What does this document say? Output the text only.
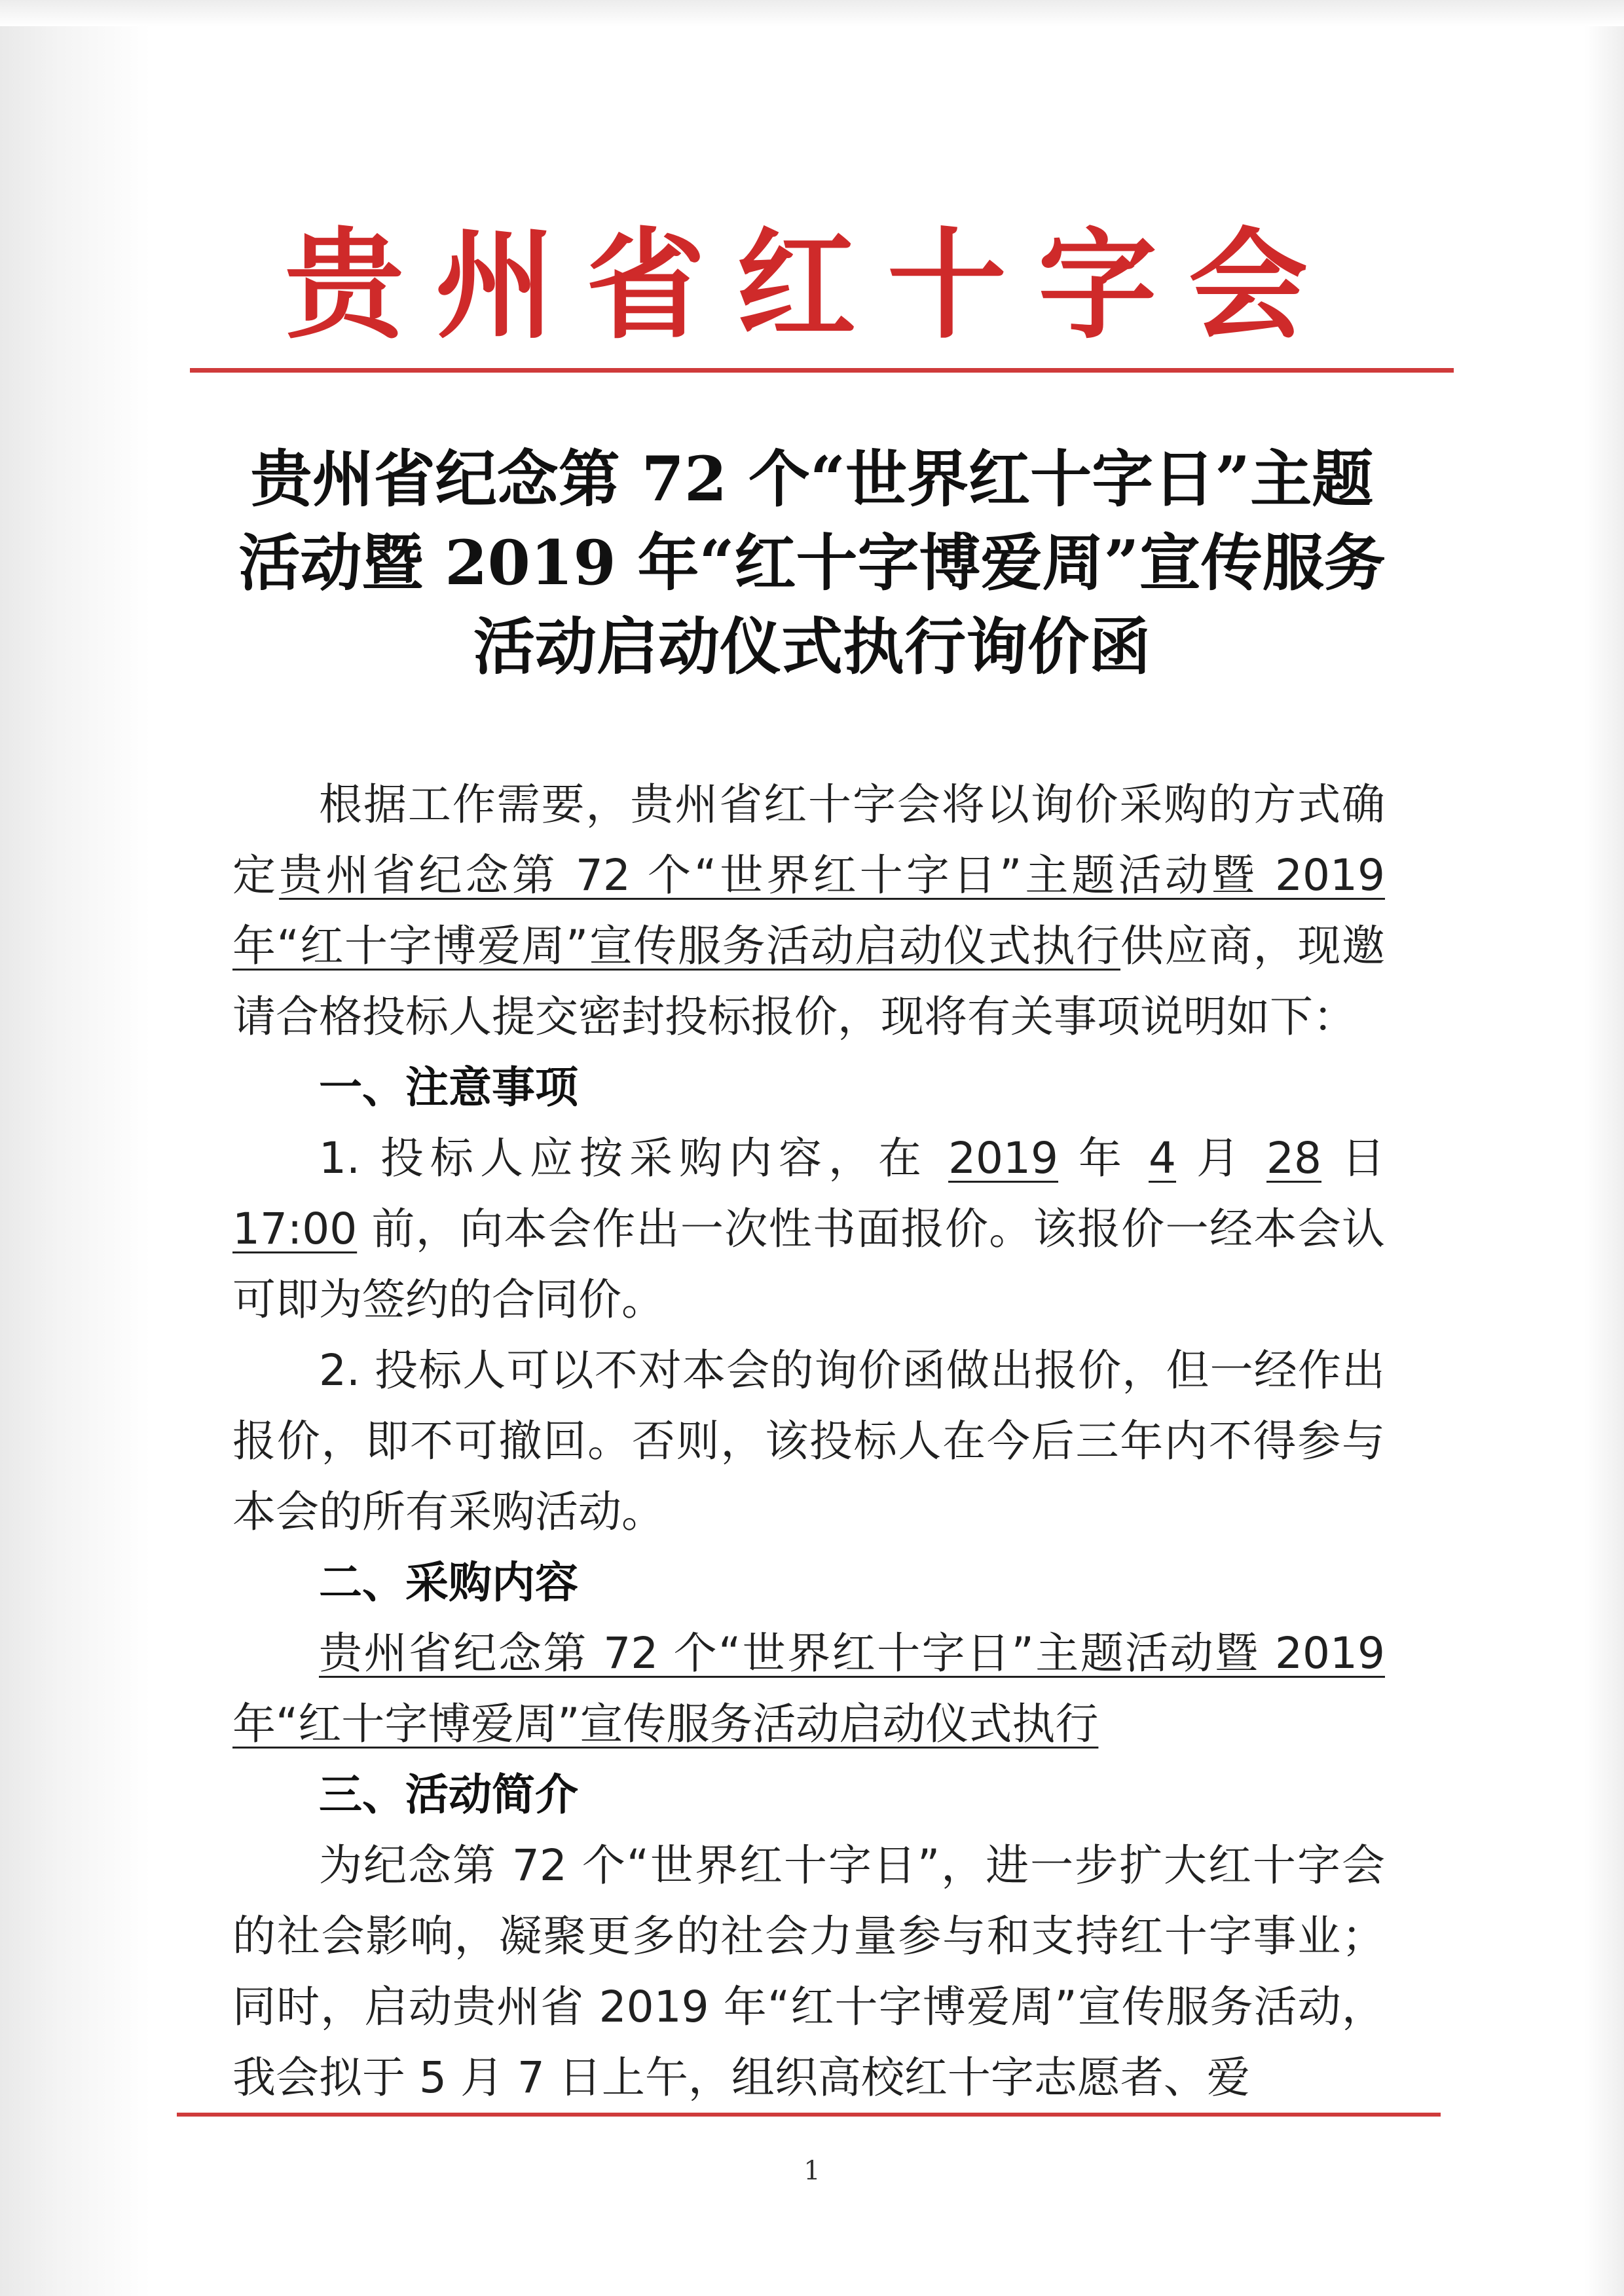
贵州省红十字会
贵州省纪念第 72 个“世界红十字日”主题
活动暨 2019 年“红十字博爱周”宣传服务
活动启动仪式执行询价函

根据工作需要，贵州省红十字会将以询价采购的方式确定贵州省纪念第 72 个“世界红十字日”主题活动暨 2019 年“红十字博爱周”宣传服务活动启动仪式执行供应商，现邀请合格投标人提交密封投标报价，现将有关事项说明如下：

一、注意事项

1. 投标人应按采购内容，在 2019 年 4 月 28 日 17:00 前，向本会作出一次性书面报价。该报价一经本会认可即为签约的合同价。

2. 投标人可以不对本会的询价函做出报价，但一经作出报价，即不可撤回。否则，该投标人在今后三年内不得参与本会的所有采购活动。

二、采购内容

贵州省纪念第 72 个“世界红十字日”主题活动暨 2019 年“红十字博爱周”宣传服务活动启动仪式执行

三、活动简介

为纪念第 72 个“世界红十字日”，进一步扩大红十字会的社会影响，凝聚更多的社会力量参与和支持红十字事业；同时，启动贵州省 2019 年“红十字博爱周”宣传服务活动，我会拟于 5 月 7 日上午，组织高校红十字志愿者、爱

1
